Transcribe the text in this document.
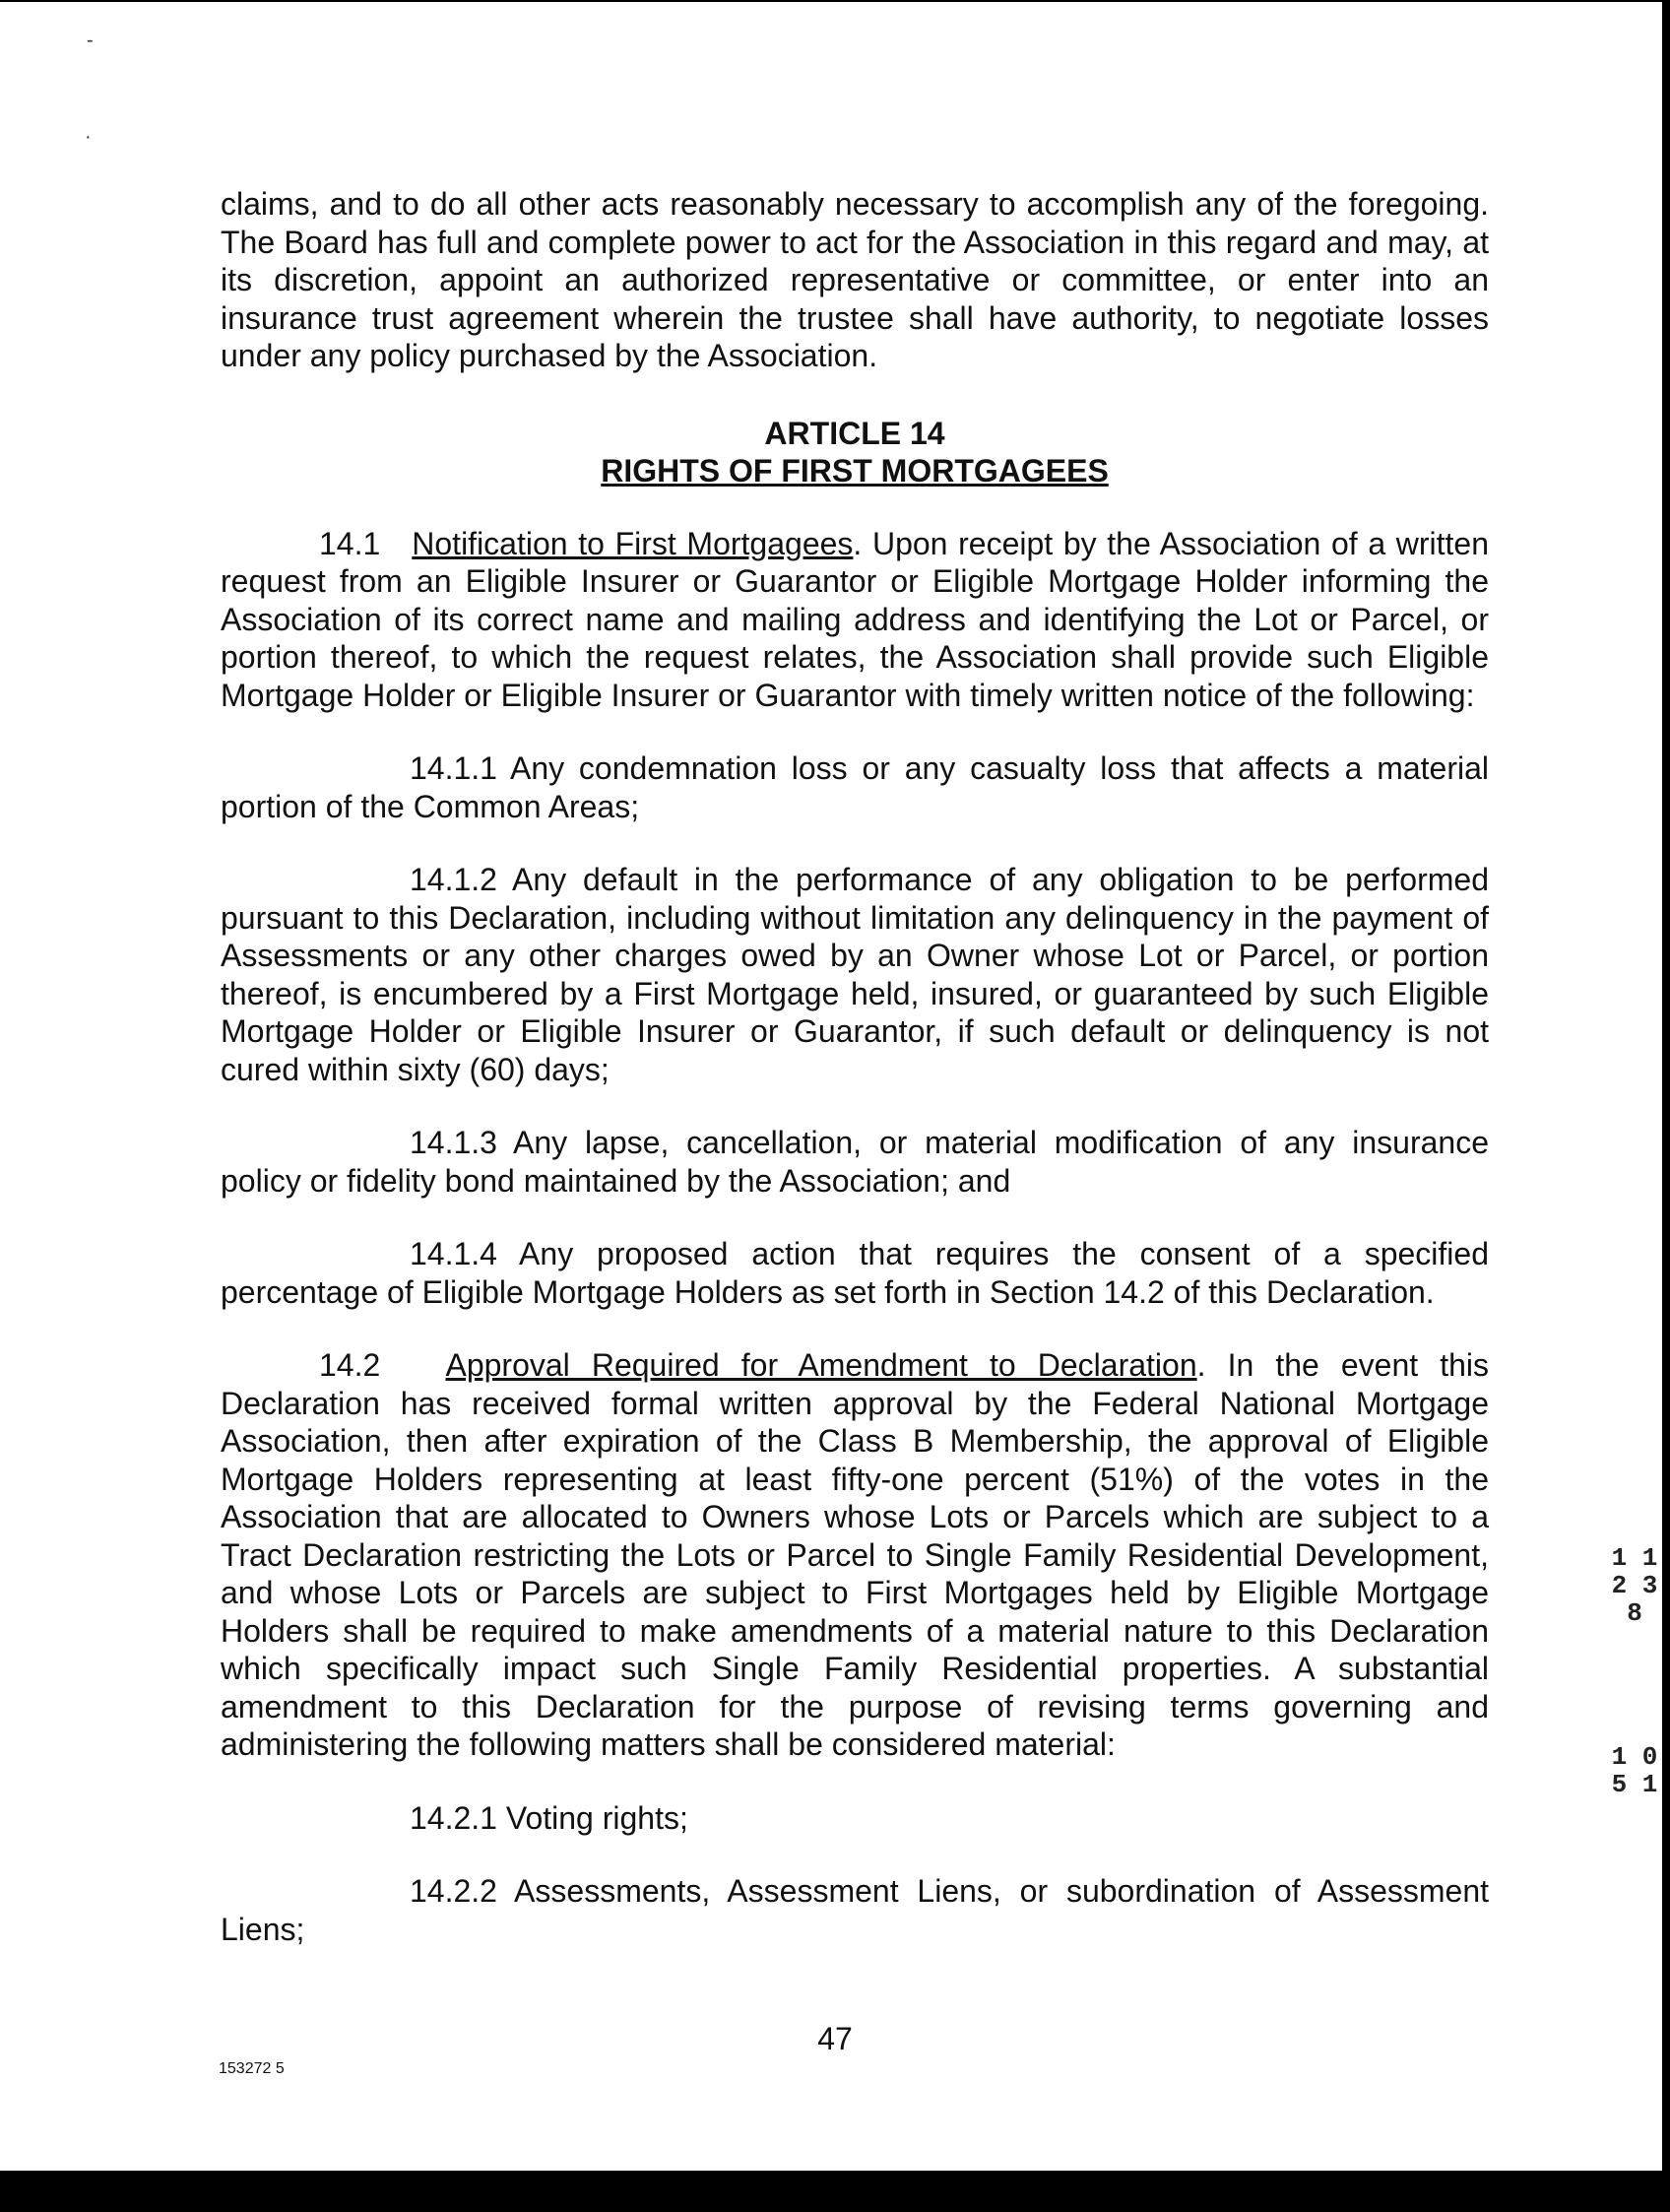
-
·

claims, and to do all other acts reasonably necessary to accomplish any of the foregoing. The Board has full and complete power to act for the Association in this regard and may, at its discretion, appoint an authorized representative or committee, or enter into an insurance trust agreement wherein the trustee shall have authority, to negotiate losses under any policy purchased by the Association.

ARTICLE 14

RIGHTS OF FIRST MORTGAGEES

14.1 Notification to First Mortgagees. Upon receipt by the Association of a written request from an Eligible Insurer or Guarantor or Eligible Mortgage Holder informing the Association of its correct name and mailing address and identifying the Lot or Parcel, or portion thereof, to which the request relates, the Association shall provide such Eligible Mortgage Holder or Eligible Insurer or Guarantor with timely written notice of the following:

14.1.1 Any condemnation loss or any casualty loss that affects a material portion of the Common Areas;

14.1.2 Any default in the performance of any obligation to be performed pursuant to this Declaration, including without limitation any delinquency in the payment of Assessments or any other charges owed by an Owner whose Lot or Parcel, or portion thereof, is encumbered by a First Mortgage held, insured, or guaranteed by such Eligible Mortgage Holder or Eligible Insurer or Guarantor, if such default or delinquency is not cured within sixty (60) days;

14.1.3 Any lapse, cancellation, or material modification of any insurance policy or fidelity bond maintained by the Association; and

14.1.4 Any proposed action that requires the consent of a specified percentage of Eligible Mortgage Holders as set forth in Section 14.2 of this Declaration.

14.2 Approval Required for Amendment to Declaration. In the event this Declaration has received formal written approval by the Federal National Mortgage Association, then after expiration of the Class B Membership, the approval of Eligible Mortgage Holders representing at least fifty-one percent (51%) of the votes in the Association that are allocated to Owners whose Lots or Parcels which are subject to a Tract Declaration restricting the Lots or Parcel to Single Family Residential Development, and whose Lots or Parcels are subject to First Mortgages held by Eligible Mortgage Holders shall be required to make amendments of a material nature to this Declaration which specifically impact such Single Family Residential properties. A substantial amendment to this Declaration for the purpose of revising terms governing and administering the following matters shall be considered material:

14.2.1 Voting rights;

14.2.2 Assessments, Assessment Liens, or subordination of Assessment Liens;

47
153272 5
1 1 2 3 8
1 0 5 1
